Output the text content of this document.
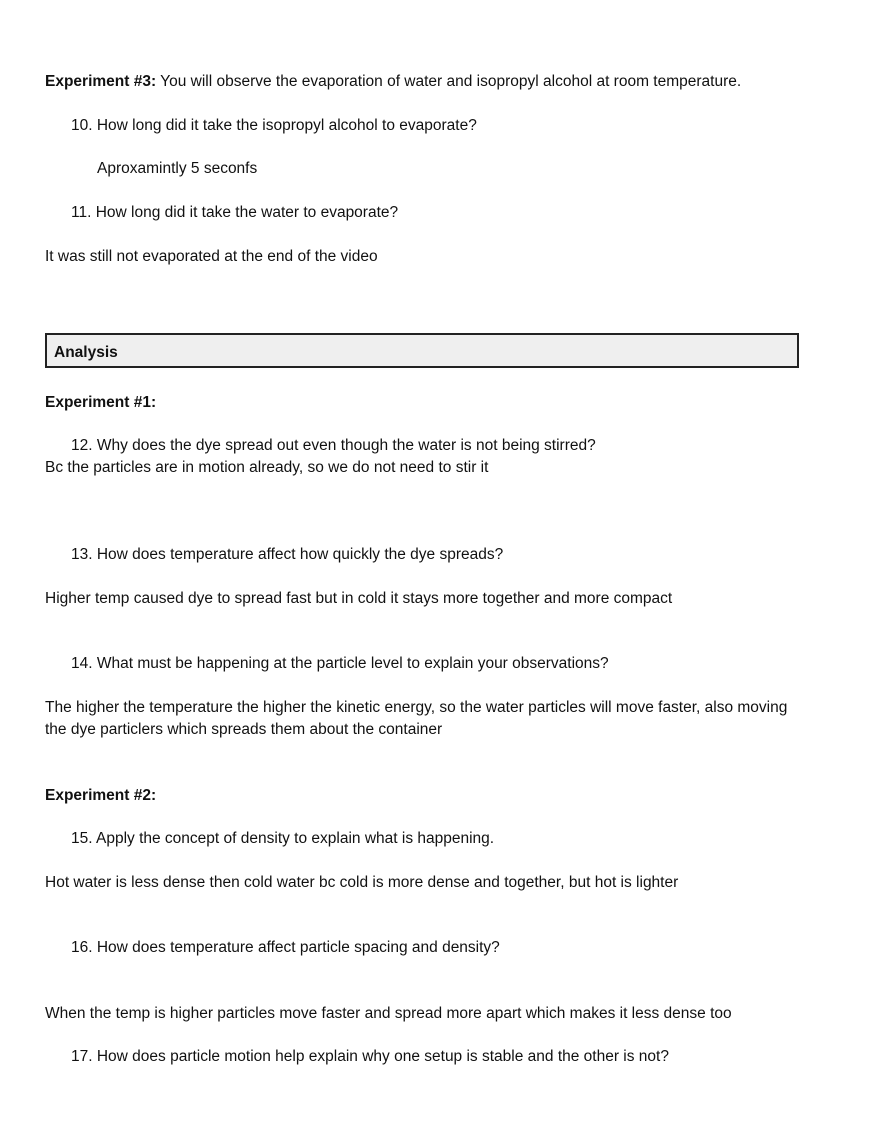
Experiment #3: You will observe the evaporation of water and isopropyl alcohol at room temperature.
10. How long did it take the isopropyl alcohol to evaporate?
Aproxamintly 5 seconfs
11. How long did it take the water to evaporate?
It was still not evaporated at the end of the video
Analysis
Experiment #1:
12. Why does the dye spread out even though the water is not being stirred?
Bc the particles are in motion already, so we do not need to stir it
13. How does temperature affect how quickly the dye spreads?
Higher temp caused dye to spread fast but in cold it stays more together and more compact
14. What must be happening at the particle level to explain your observations?
The higher the temperature the higher the kinetic energy, so the water particles will move faster, also moving the dye particlers which spreads them about the container
Experiment #2:
15. Apply the concept of density to explain what is happening.
Hot water is less dense then cold water bc cold is more dense and together, but hot is lighter
16. How does temperature affect particle spacing and density?
When the temp is higher particles move faster and spread more apart which makes it less dense too
17. How does particle motion help explain why one setup is stable and the other is not?
